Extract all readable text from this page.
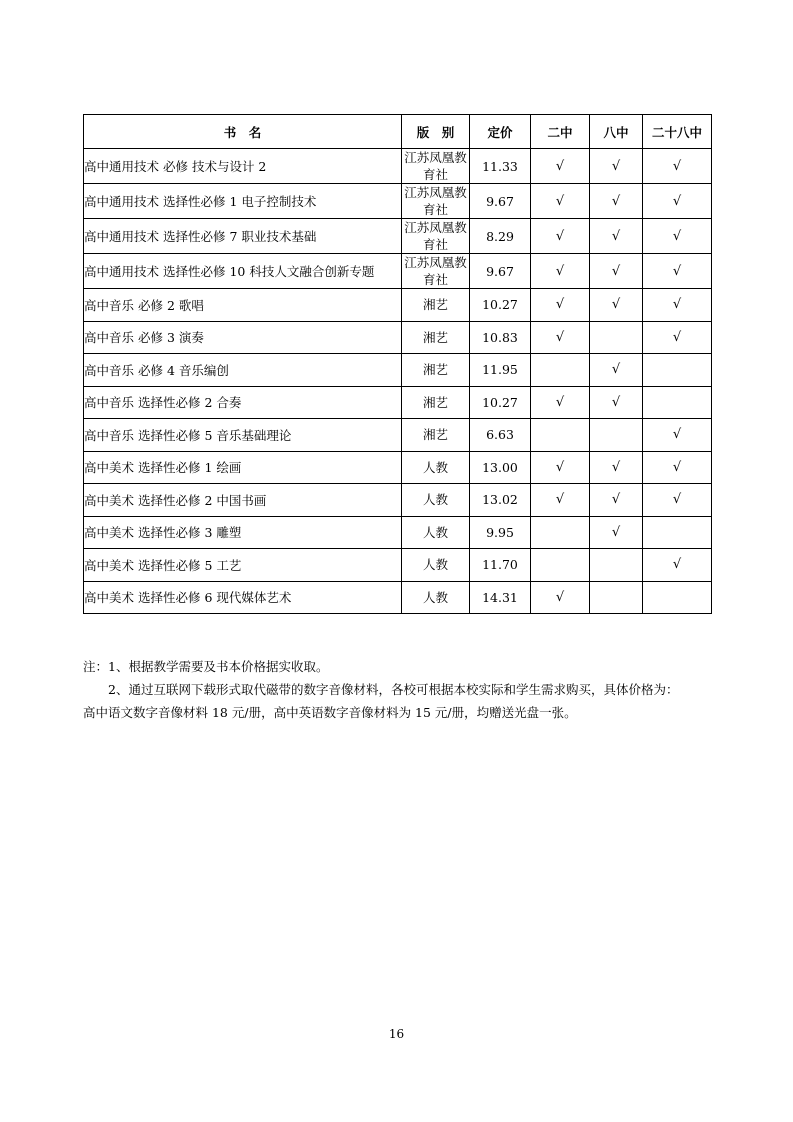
书　名	版　别	定价	二中	八中	二十八中
高中通用技术 必修 技术与设计 2	江苏凤凰教育社	11.33	√	√	√
高中通用技术 选择性必修 1 电子控制技术	江苏凤凰教育社	9.67	√	√	√
高中通用技术 选择性必修 7 职业技术基础	江苏凤凰教育社	8.29	√	√	√
高中通用技术 选择性必修 10 科技人文融合创新专题	江苏凤凰教育社	9.67	√	√	√
高中音乐 必修 2 歌唱	湘艺	10.27	√	√	√
高中音乐 必修 3 演奏	湘艺	10.83	√		√
高中音乐 必修 4 音乐编创	湘艺	11.95		√	
高中音乐 选择性必修 2 合奏	湘艺	10.27	√	√	
高中音乐 选择性必修 5 音乐基础理论	湘艺	6.63			√
高中美术 选择性必修 1 绘画	人教	13.00	√	√	√
高中美术 选择性必修 2 中国书画	人教	13.02	√	√	√
高中美术 选择性必修 3 雕塑	人教	9.95		√	
高中美术 选择性必修 5 工艺	人教	11.70			√
高中美术 选择性必修 6 现代媒体艺术	人教	14.31	√		

注：1、根据教学需要及书本价格据实收取。

2、通过互联网下载形式取代磁带的数字音像材料，各校可根据本校实际和学生需求购买，具体价格为：

高中语文数字音像材料 18 元/册，高中英语数字音像材料为 15 元/册，均赠送光盘一张。

16
